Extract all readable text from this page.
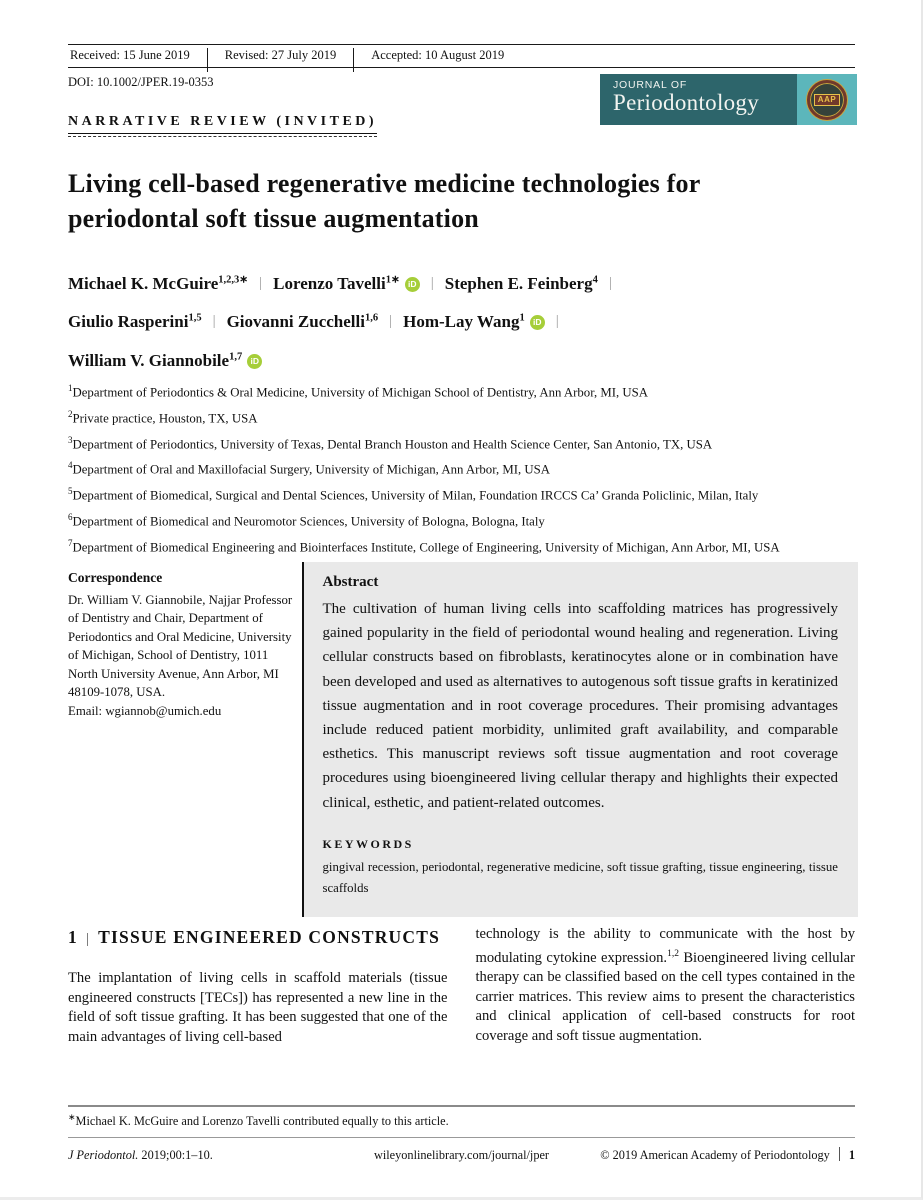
Received: 15 June 2019	Revised: 27 July 2019	Accepted: 10 August 2019
DOI: 10.1002/JPER.19-0353	JOURNAL OF
Periodontology	AAP
NARRATIVE REVIEW (INVITED)
Living cell-based regenerative medicine technologies for periodontal soft tissue augmentation
Michael K. McGuire$^{1,2,3∗}$ | Lorenzo Tavelli$^{1∗}$ iD | Stephen E. Feinberg$^4$ |
Giulio Rasperini$^{1,5}$ | Giovanni Zucchelli$^{1,6}$ | Hom-Lay Wang$^1$ iD |
William V. Giannobile$^{1,7}$ iD
$^1$Department of Periodontics & Oral Medicine, University of Michigan School of Dentistry, Ann Arbor, MI, USA
$^2$Private practice, Houston, TX, USA
$^3$Department of Periodontics, University of Texas, Dental Branch Houston and Health Science Center, San Antonio, TX, USA
$^4$Department of Oral and Maxillofacial Surgery, University of Michigan, Ann Arbor, MI, USA
$^5$Department of Biomedical, Surgical and Dental Sciences, University of Milan, Foundation IRCCS Ca’ Granda Policlinic, Milan, Italy
$^6$Department of Biomedical and Neuromotor Sciences, University of Bologna, Bologna, Italy
$^7$Department of Biomedical Engineering and Biointerfaces Institute, College of Engineering, University of Michigan, Ann Arbor, MI, USA
Correspondence
Dr. William V. Giannobile, Najjar Professor of Dentistry and Chair, Department of Periodontics and Oral Medicine, University of Michigan, School of Dentistry, 1011 North University Avenue, Ann Arbor, MI 48109-1078, USA.
Email: wgiannob@umich.edu
Abstract

The cultivation of human living cells into scaffolding matrices has progressively gained popularity in the field of periodontal wound healing and regeneration. Living cellular constructs based on fibroblasts, keratinocytes alone or in combination have been developed and used as alternatives to autogenous soft tissue grafts in keratinized tissue augmentation and in root coverage procedures. Their promising advantages include reduced patient morbidity, unlimited graft availability, and comparable esthetics. This manuscript reviews soft tissue augmentation and root coverage procedures using bioengineered living cellular therapy and highlights their expected clinical, esthetic, and patient-related outcomes.

KEYWORDS

gingival recession, periodontal, regenerative medicine, soft tissue grafting, tissue engineering, tissue scaffolds

1 | TISSUE ENGINEERED CONSTRUCTS

The implantation of living cells in scaffold materials (tissue engineered constructs [TECs]) has represented a new line in the field of soft tissue grafting. It has been suggested that one of the main advantages of living cell-based

technology is the ability to communicate with the host by modulating cytokine expression.$^{1,2}$ Bioengineered living cellular therapy can be classified based on the cell types contained in the carrier matrices. This review aims to present the characteristics and clinical application of cell-based constructs for root coverage and soft tissue augmentation.

∗Michael K. McGuire and Lorenzo Tavelli contributed equally to this article.
J Periodontol. 2019;00:1–10.	wileyonlinelibrary.com/journal/jper	© 2019 American Academy of Periodontology 1
